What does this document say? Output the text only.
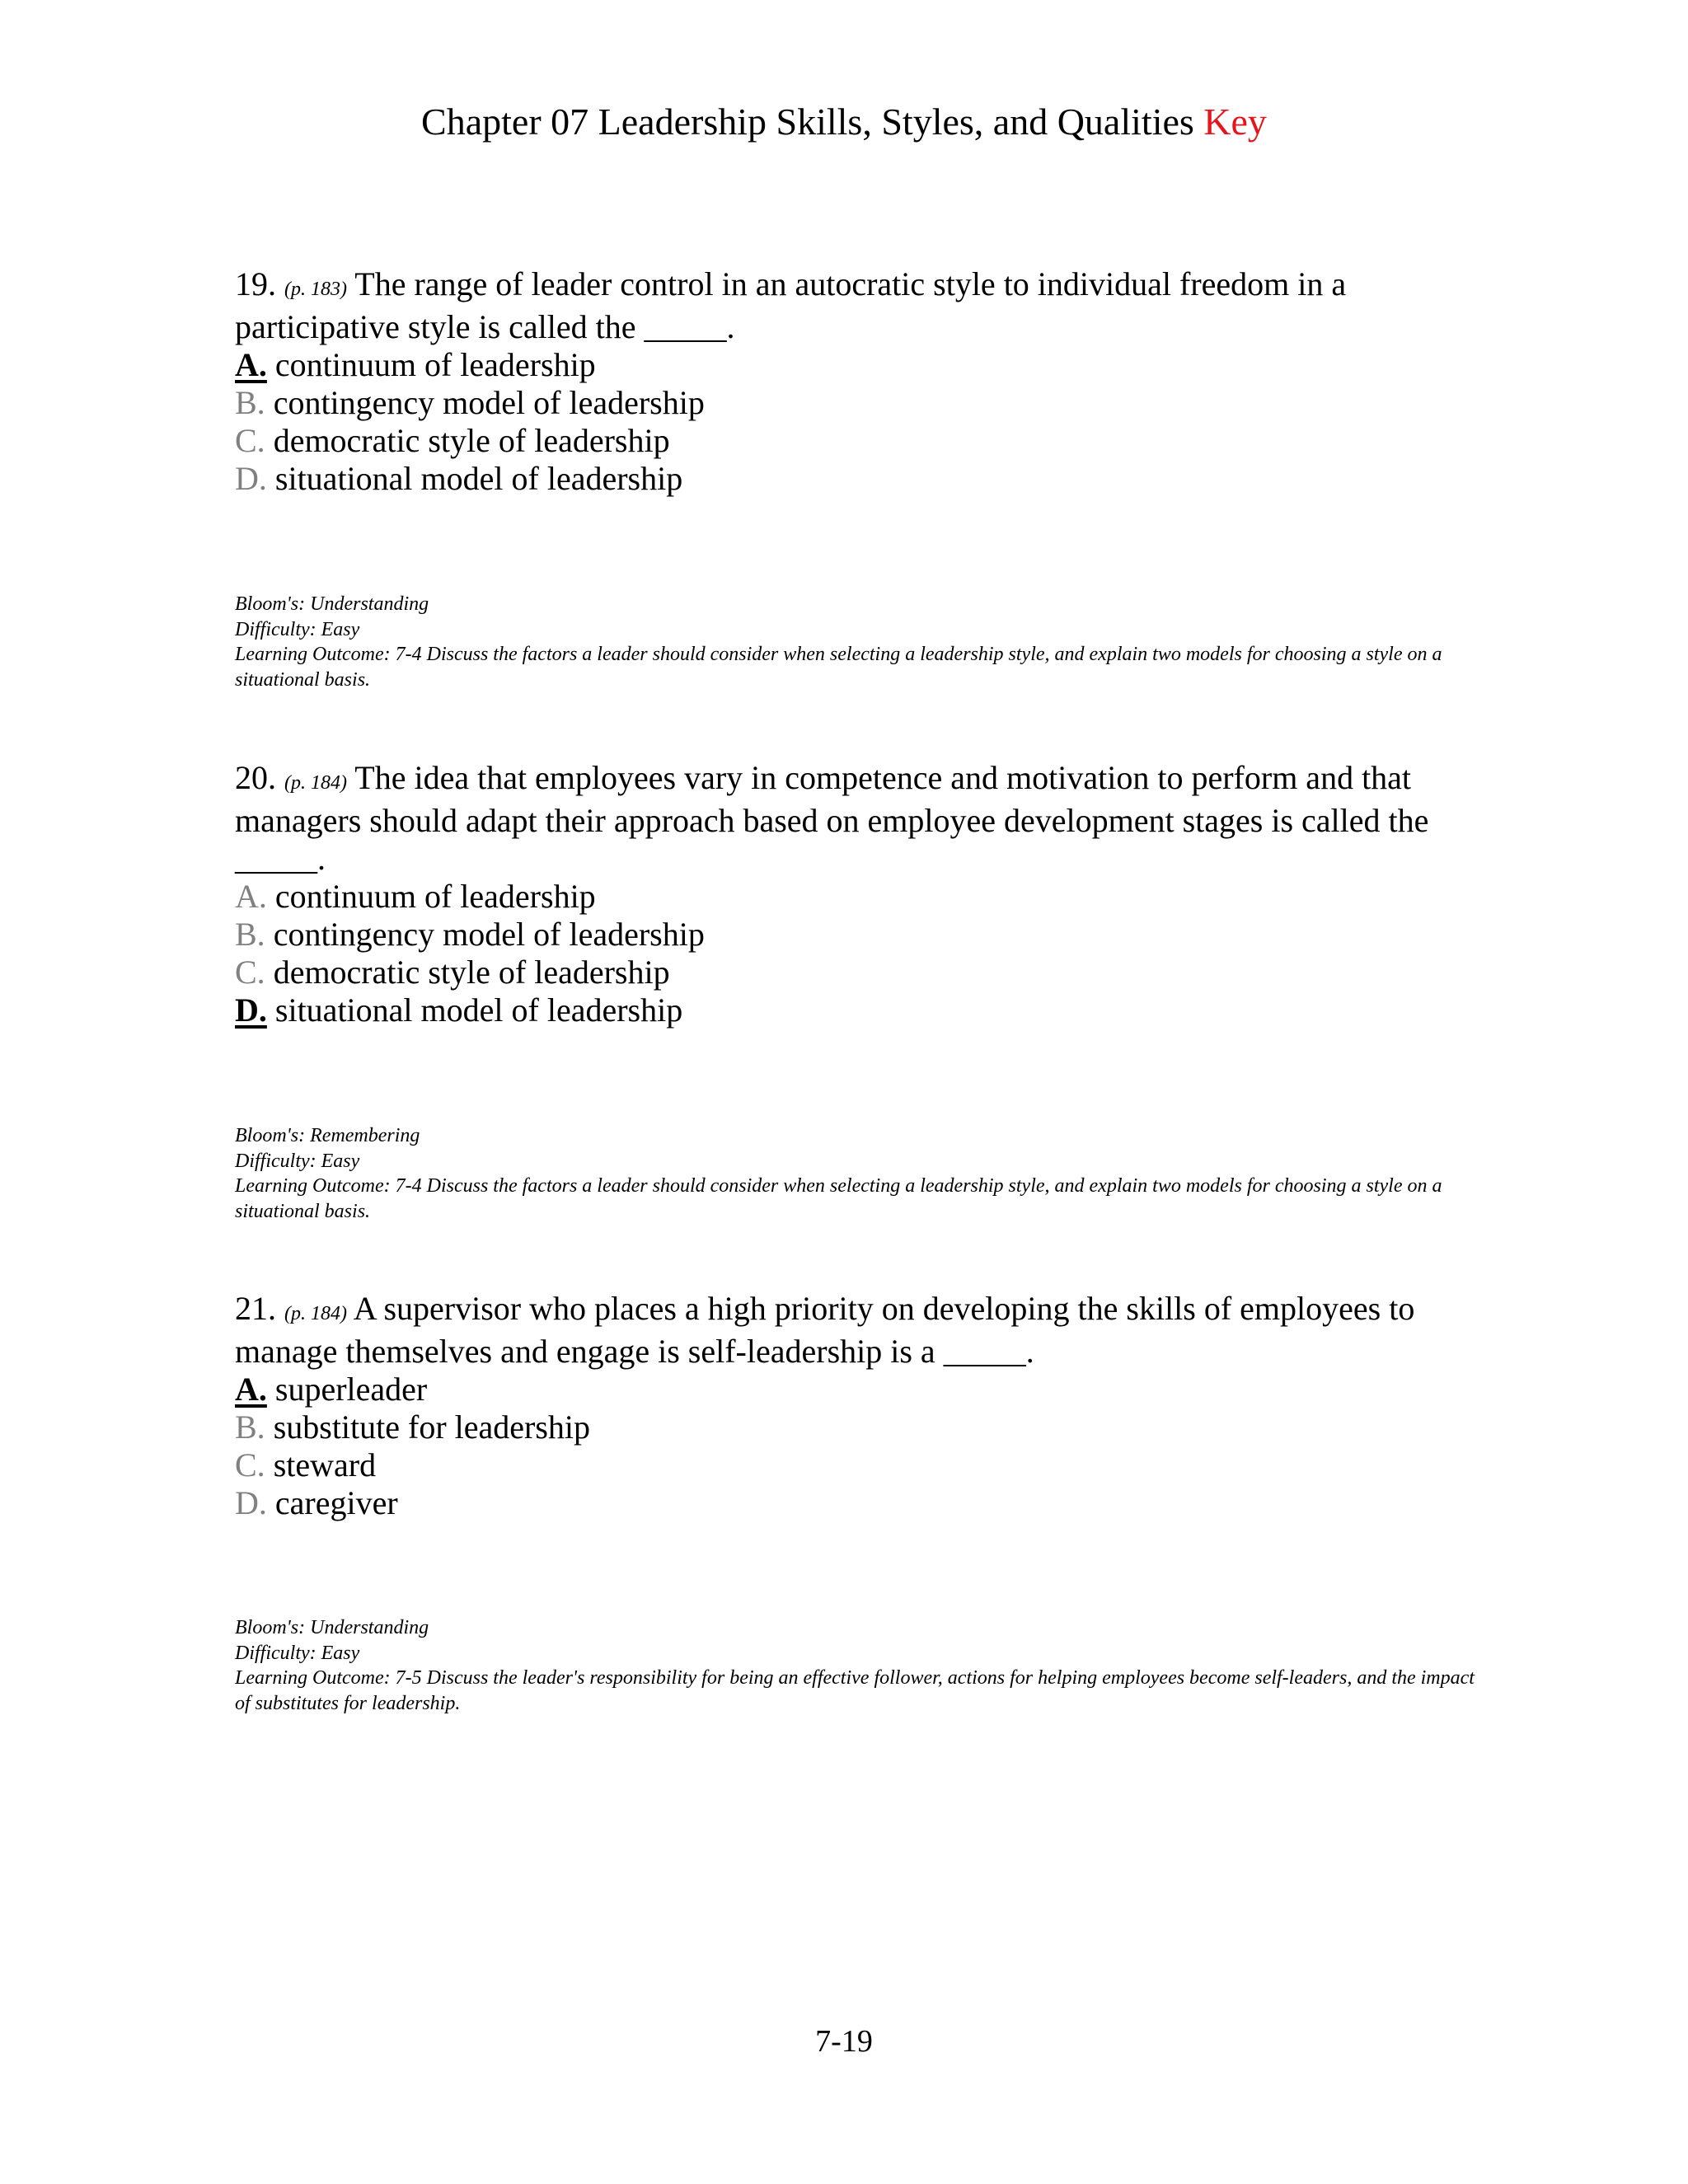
Chapter 07 Leadership Skills, Styles, and Qualities Key

19. (p. 183) The range of leader control in an autocratic style to individual freedom in a participative style is called the _____.

A. continuum of leadership
B. contingency model of leadership
C. democratic style of leadership
D. situational model of leadership
Bloom's: Understanding
Difficulty: Easy
Learning Outcome: 7-4 Discuss the factors a leader should consider when selecting a leadership style, and explain two models for choosing a style on a situational basis.

20. (p. 184) The idea that employees vary in competence and motivation to perform and that managers should adapt their approach based on employee development stages is called the _____.

A. continuum of leadership
B. contingency model of leadership
C. democratic style of leadership
D. situational model of leadership
Bloom's: Remembering
Difficulty: Easy
Learning Outcome: 7-4 Discuss the factors a leader should consider when selecting a leadership style, and explain two models for choosing a style on a situational basis.

21. (p. 184) A supervisor who places a high priority on developing the skills of employees to manage themselves and engage is self-leadership is a _____.

A. superleader
B. substitute for leadership
C. steward
D. caregiver
Bloom's: Understanding
Difficulty: Easy
Learning Outcome: 7-5 Discuss the leader's responsibility for being an effective follower, actions for helping employees become self-leaders, and the impact of substitutes for leadership.
7-19
